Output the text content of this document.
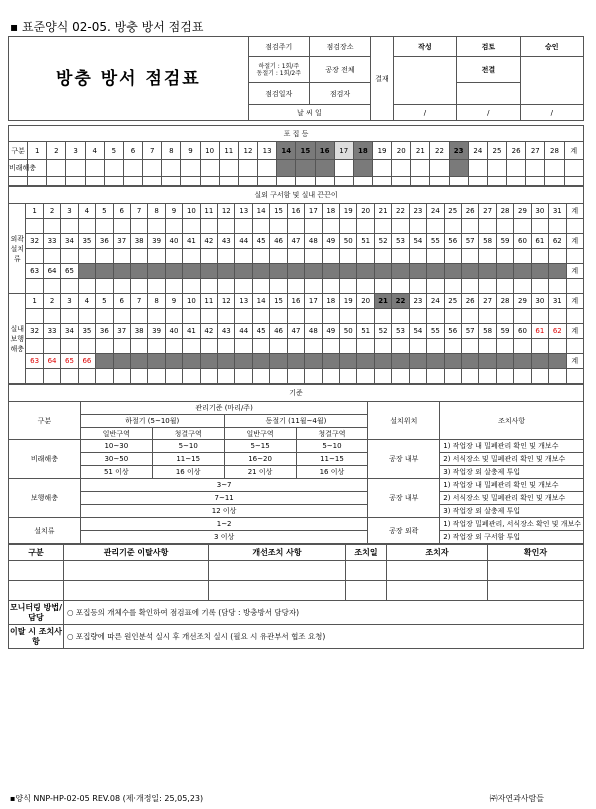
▪ 표준양식 02-05. 방충 방서 점검표
방충 방서 점검표	점검주기	점검장소	결재	작성	검토	승인
	하절기 : 1회/주
동절기 : 1회/2주	공장 전체			전결	
	점검일자	점검자				
	날 씨 일			/	/	/
포 집 등																													
구분	1	2	3	4	5	6	7	8	9	10	11	12	13	14	15	16	17	18	19	20	21	22	23	24	25	26	27	28	계
비래해충																													

실외 구서함 및 실내 끈끈이																																
외곽 설치류	1	2	3	4	5	6	7	8	9	10	11	12	13	14	15	16	17	18	19	20	21	22	23	24	25	26	27	28	29	30	31	계

	32	33	34	35	36	37	38	39	40	41	42	43	44	45	46	47	48	49	50	51	52	53	54	55	56	57	58	59	60	61	62	계

	63	64	65																													계

실내 보행 해충	1	2	3	4	5	6	7	8	9	10	11	12	13	14	15	16	17	18	19	20	21	22	23	24	25	26	27	28	29	30	31	계

	32	33	34	35	36	37	38	39	40	41	42	43	44	45	46	47	48	49	50	51	52	53	54	55	56	57	58	59	60	61	62	계

	63	64	65	66																												계

기준						
구분	관리기준 (마리/주)				설치위치	조치사항
	하절기 (5~10월)		동절기 (11월~4월)			
	일반구역	청결구역	일반구역	청결구역		
비래해충	10~30	5~10	5~15	5~10	공장 내부	1) 작업장 내 밀폐관리 확인 및 개보수
	30~50	11~15	16~20	11~15		2) 서식장소 및 밀폐관리 확인 및 개보수
	51 이상	16 이상	21 이상	16 이상		3) 작업장 외 살충제 투입
보행해충	3~7				공장 내부	1) 작업장 내 밀폐관리 확인 및 개보수
	7~11					2) 서식장소 및 밀폐관리 확인 및 개보수
	12 이상					3) 작업장 외 살충제 투입
설치류	1~2				공장 외곽	1) 작업장 밀폐관리, 서식장소 확인 및 개보수
	3 이상					2) 작업장 외 구서함 투입
구분	관리기준 이탈사항	개선조치 사항	조치일	조치자	확인자

모니터링 방법/담당	○ 포집등의 개체수를 확인하여 점검표에 기록 (담당 : 방충방서 담당자)				
이탈 시 조치사항	○ 포집량에 따른 원인분석 실시 후 개선조치 실시 (필요 시 유관부서 협조 요청)				
▪양식 NNP-HP-02-05 REV.08 (제·개정일: 25,05,23)	㈜자연과사람들
